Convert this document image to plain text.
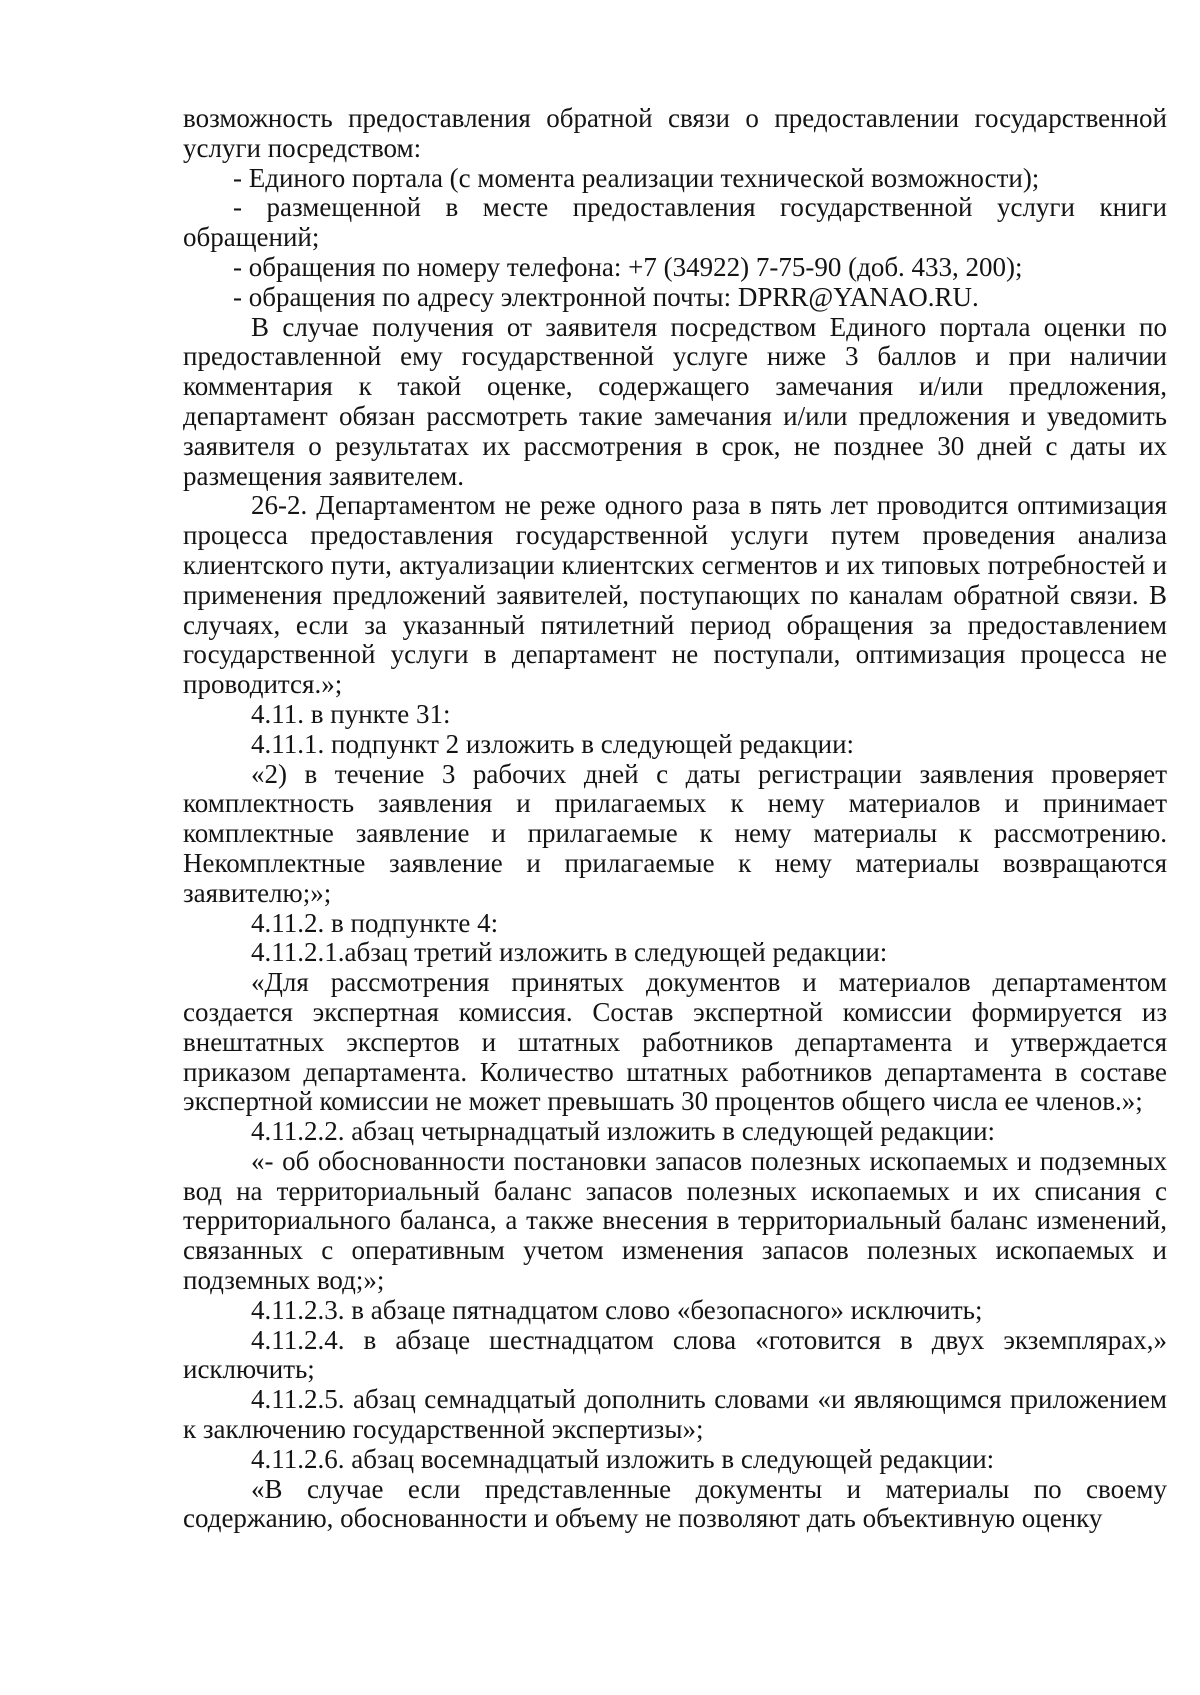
возможность предоставления обратной связи о предоставлении государственной услуги посредством:

- Единого портала (с момента реализации технической возможности);

- размещенной в месте предоставления государственной услуги книги обращений;

- обращения по номеру телефона: +7 (34922) 7-75-90 (доб. 433, 200);

- обращения по адресу электронной почты: DPRR@YANAO.RU.

В случае получения от заявителя посредством Единого портала оценки по предоставленной ему государственной услуге ниже 3 баллов и при наличии комментария к такой оценке, содержащего замечания и/или предложения, департамент обязан рассмотреть такие замечания и/или предложения и уведомить заявителя о результатах их рассмотрения в срок, не позднее 30 дней с даты их размещения заявителем.

26-2. Департаментом не реже одного раза в пять лет проводится оптимизация процесса предоставления государственной услуги путем проведения анализа клиентского пути, актуализации клиентских сегментов и их типовых потребностей и применения предложений заявителей, поступающих по каналам обратной связи. В случаях, если за указанный пятилетний период обращения за предоставлением государственной услуги в департамент не поступали, оптимизация процесса не проводится.»;

4.11. в пункте 31:

4.11.1. подпункт 2 изложить в следующей редакции:

«2) в течение 3 рабочих дней с даты регистрации заявления проверяет комплектность заявления и прилагаемых к нему материалов и принимает комплектные заявление и прилагаемые к нему материалы к рассмотрению. Некомплектные заявление и прилагаемые к нему материалы возвращаются заявителю;»;

4.11.2. в подпункте 4:

4.11.2.1.абзац третий изложить в следующей редакции:

«Для рассмотрения принятых документов и материалов департаментом создается экспертная комиссия. Состав экспертной комиссии формируется из внештатных экспертов и штатных работников департамента и утверждается приказом департамента. Количество штатных работников департамента в составе экспертной комиссии не может превышать 30 процентов общего числа ее членов.»;

4.11.2.2. абзац четырнадцатый изложить в следующей редакции:

«- об обоснованности постановки запасов полезных ископаемых и подземных вод на территориальный баланс запасов полезных ископаемых и их списания с территориального баланса, а также внесения в территориальный баланс изменений, связанных с оперативным учетом изменения запасов полезных ископаемых и подземных вод;»;

4.11.2.3. в абзаце пятнадцатом слово «безопасного» исключить;

4.11.2.4. в абзаце шестнадцатом слова «готовится в двух экземплярах,» исключить;

4.11.2.5. абзац семнадцатый дополнить словами «и являющимся приложением к заключению государственной экспертизы»;

4.11.2.6. абзац восемнадцатый изложить в следующей редакции:

«В случае если представленные документы и материалы по своему содержанию, обоснованности и объему не позволяют дать объективную оценку
